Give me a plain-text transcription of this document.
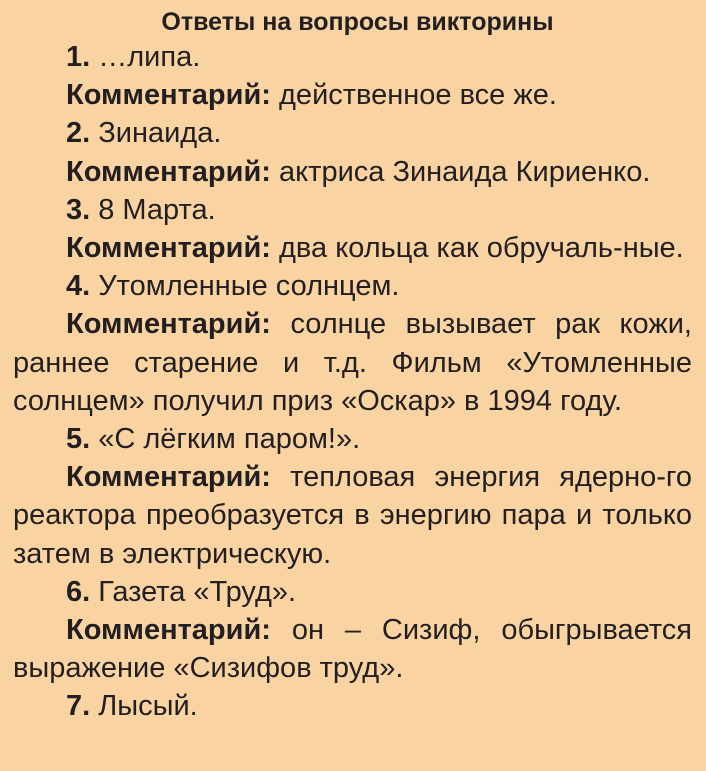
Ответы на вопросы викторины

1. …липа.

Комментарий: действенное все же.

2. Зинаида.

Комментарий: актриса Зинаида Кириенко.

3. 8 Марта.

Комментарий: два кольца как обручаль-ные.

4. Утомленные солнцем.

Комментарий: солнце вызывает рак кожи, раннее старение и т.д. Фильм «Утомленные солнцем» получил приз «Оскар» в 1994 году.

5. «С лёгким паром!».

Комментарий: тепловая энергия ядерно-го реактора преобразуется в энергию пара и только затем в электрическую.

6. Газета «Труд».

Комментарий: он – Сизиф, обыгрывается выражение «Сизифов труд».

7. Лысый.
